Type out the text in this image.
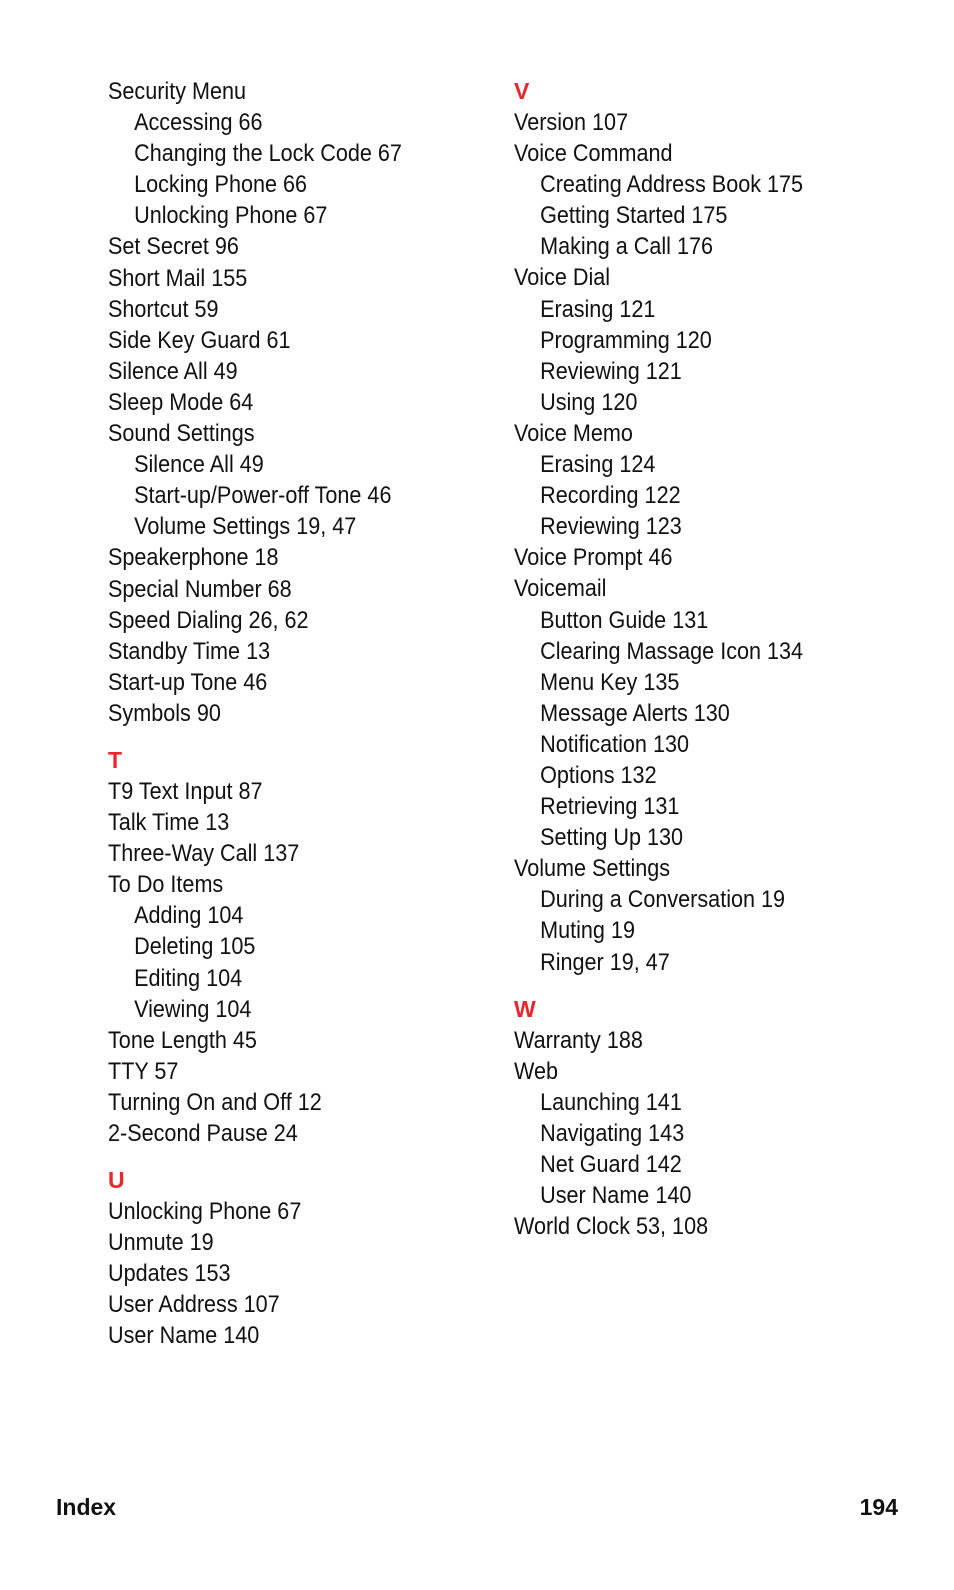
Security Menu
Accessing 66
Changing the Lock Code 67
Locking Phone 66
Unlocking Phone 67
Set Secret 96
Short Mail 155
Shortcut 59
Side Key Guard 61
Silence All 49
Sleep Mode 64
Sound Settings
Silence All 49
Start-up/Power-off Tone 46
Volume Settings 19, 47
Speakerphone 18
Special Number 68
Speed Dialing 26, 62
Standby Time 13
Start-up Tone 46
Symbols 90
T
T9 Text Input 87
Talk Time 13
Three-Way Call 137
To Do Items
Adding 104
Deleting 105
Editing 104
Viewing 104
Tone Length 45
TTY 57
Turning On and Off 12
2-Second Pause 24
U
Unlocking Phone 67
Unmute 19
Updates 153
User Address 107
User Name 140
V
Version 107
Voice Command
Creating Address Book 175
Getting Started 175
Making a Call 176
Voice Dial
Erasing 121
Programming 120
Reviewing 121
Using 120
Voice Memo
Erasing 124
Recording 122
Reviewing 123
Voice Prompt 46
Voicemail
Button Guide 131
Clearing Massage Icon 134
Menu Key 135
Message Alerts 130
Notification 130
Options 132
Retrieving 131
Setting Up 130
Volume Settings
During a Conversation 19
Muting 19
Ringer 19, 47
W
Warranty 188
Web
Launching 141
Navigating 143
Net Guard 142
User Name 140
World Clock 53, 108
Index	194
